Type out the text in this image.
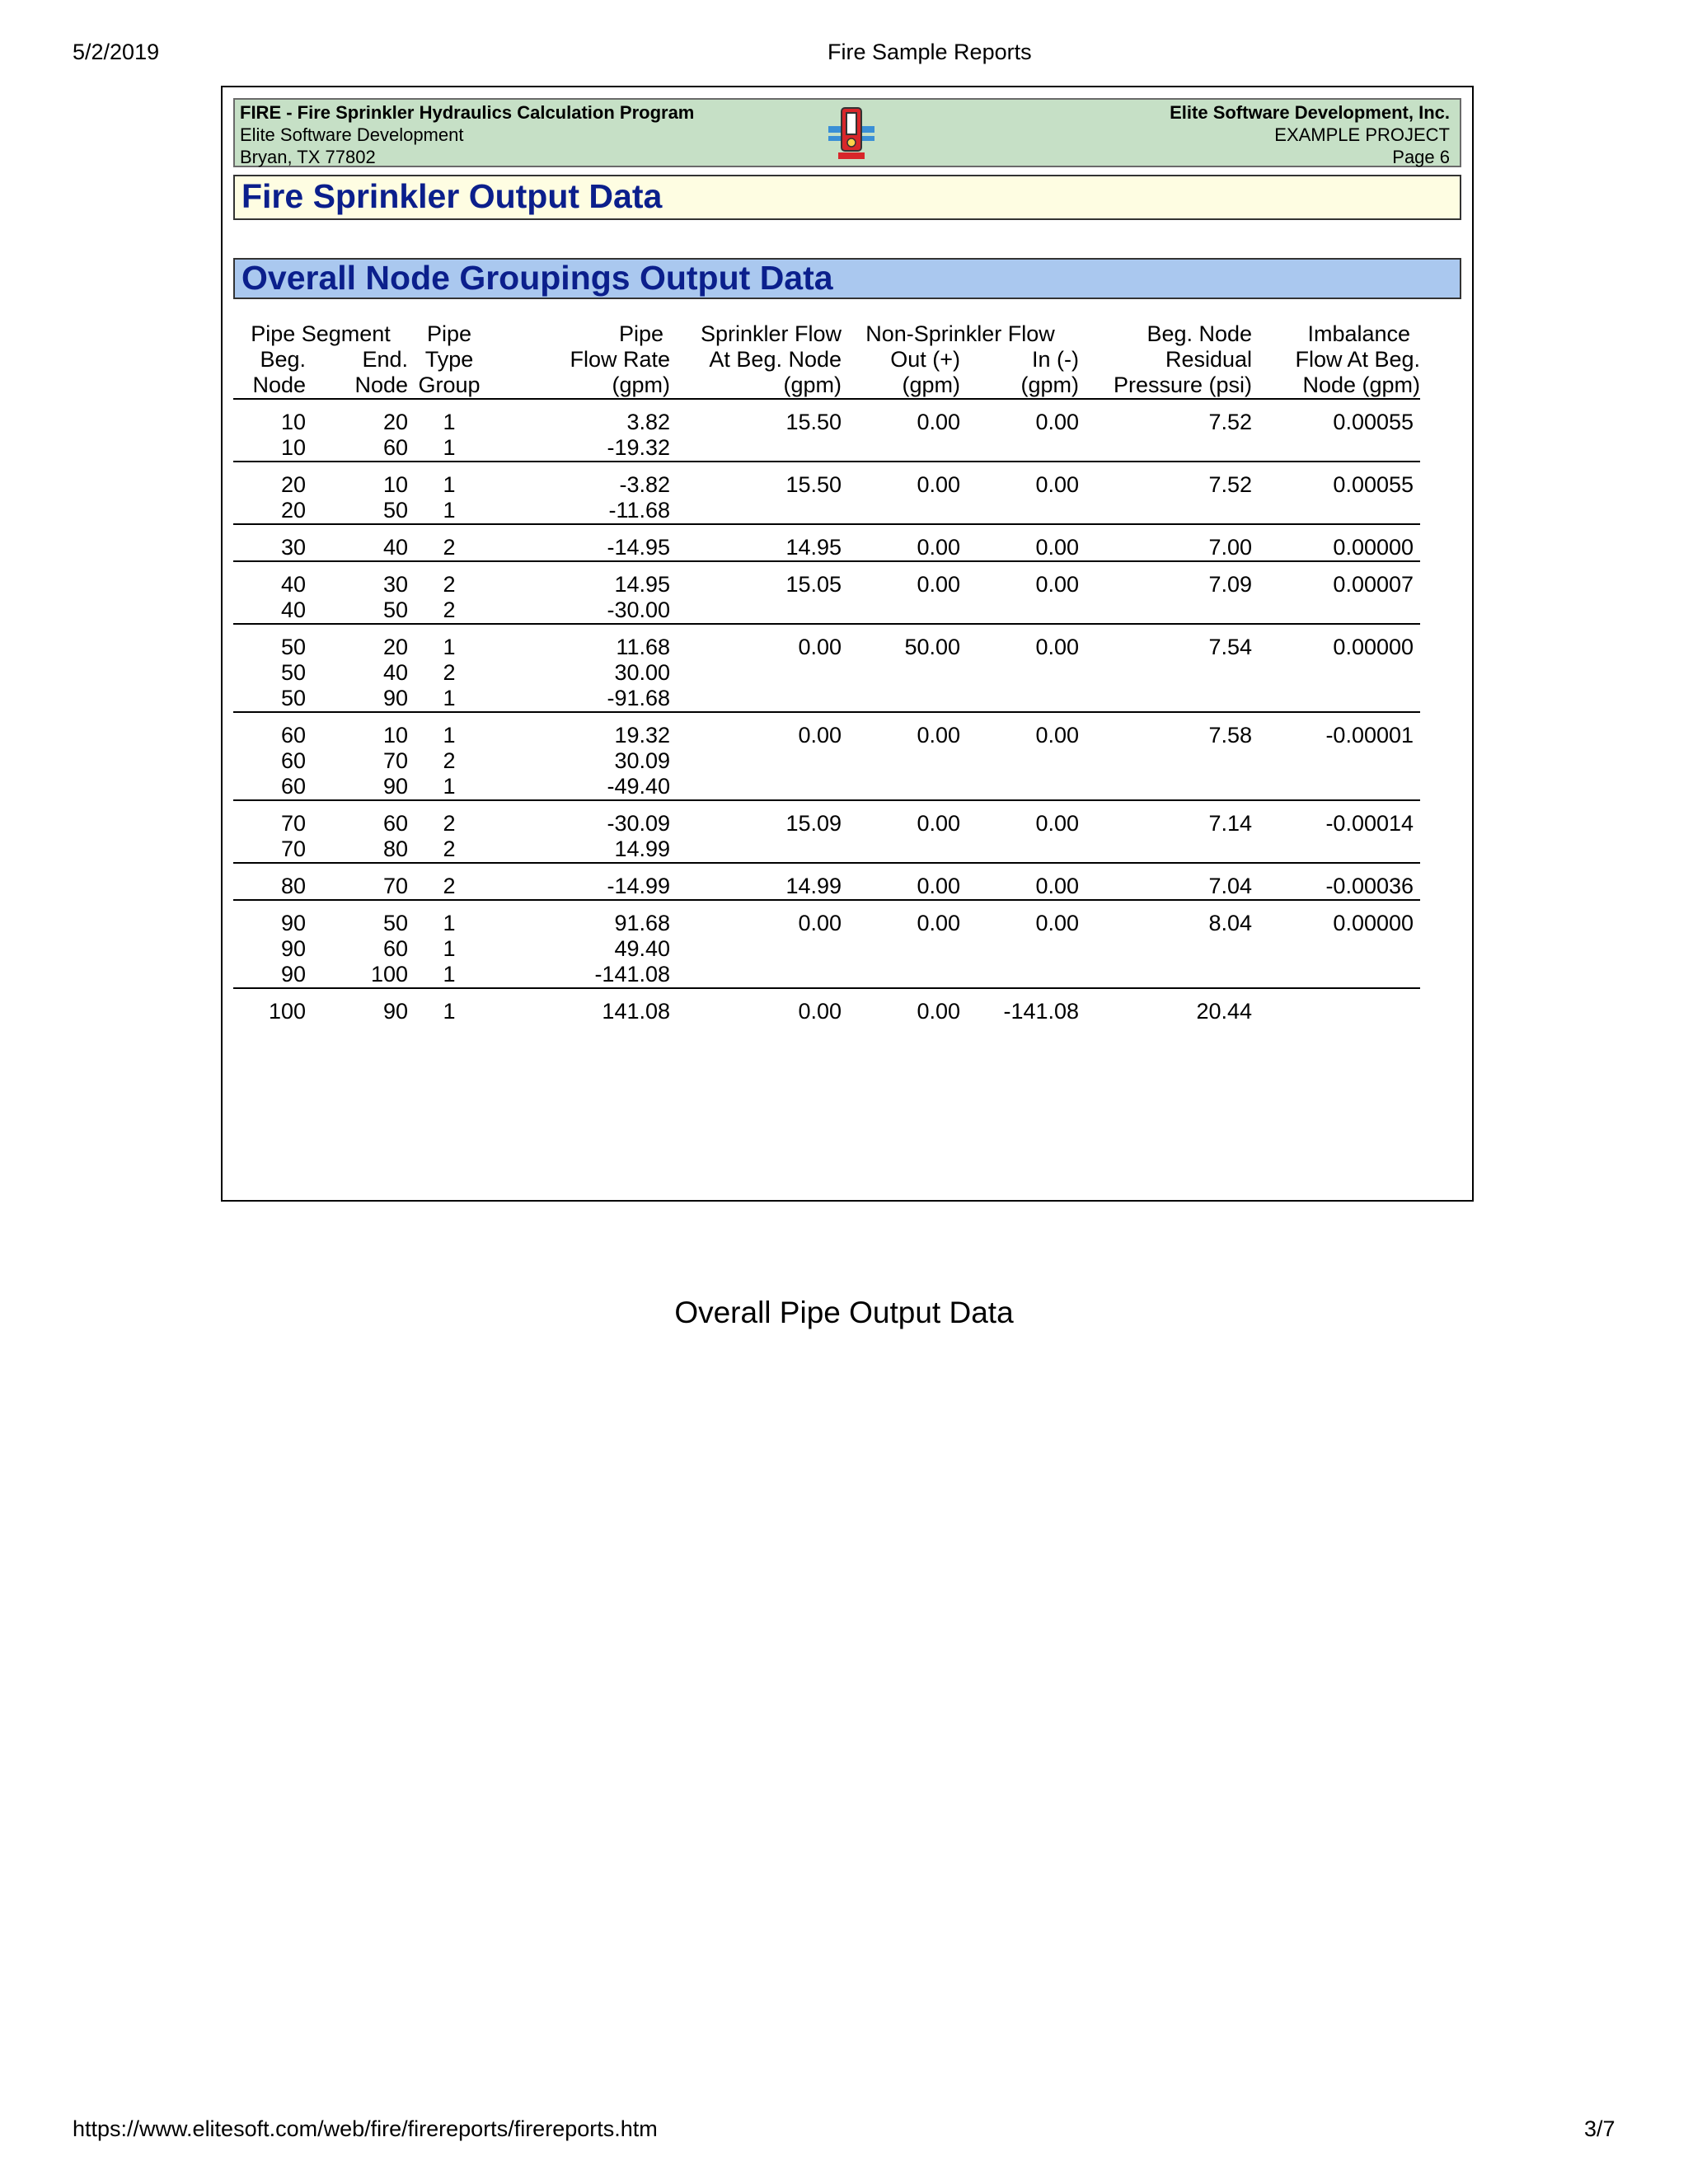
5/2/2019	Fire Sample Reports
FIRE - Fire Sprinkler Hydraulics Calculation Program
Elite Software Development
Bryan, TX 77802
Elite Software Development, Inc.
EXAMPLE PROJECT
Page 6
Fire Sprinkler Output Data
Overall Node Groupings Output Data
Pipe Segment		Pipe	Pipe	Sprinkler Flow	Non-Sprinkler Flow		Beg. Node	Imbalance
Beg.	End.	Type	Flow Rate	At Beg. Node	Out (+)	In (-)	Residual	Flow At Beg.
Node	Node	Group	(gpm)	(gpm)	(gpm)	(gpm)	Pressure (psi)	Node (gpm)

10	20	1	3.82	15.50	0.00	0.00	7.52	0.00055
10	60	1	-19.32					

20	10	1	-3.82	15.50	0.00	0.00	7.52	0.00055
20	50	1	-11.68					

30	40	2	-14.95	14.95	0.00	0.00	7.00	0.00000

40	30	2	14.95	15.05	0.00	0.00	7.09	0.00007
40	50	2	-30.00					

50	20	1	11.68	0.00	50.00	0.00	7.54	0.00000
50	40	2	30.00					
50	90	1	-91.68					

60	10	1	19.32	0.00	0.00	0.00	7.58	-0.00001
60	70	2	30.09					
60	90	1	-49.40					

70	60	2	-30.09	15.09	0.00	0.00	7.14	-0.00014
70	80	2	14.99					

80	70	2	-14.99	14.99	0.00	0.00	7.04	-0.00036

90	50	1	91.68	0.00	0.00	0.00	8.04	0.00000
90	60	1	49.40					
90	100	1	-141.08					

100	90	1	141.08	0.00	0.00	-141.08	20.44	
Overall Pipe Output Data
https://www.elitesoft.com/web/fire/firereports/firereports.htm	3/7
